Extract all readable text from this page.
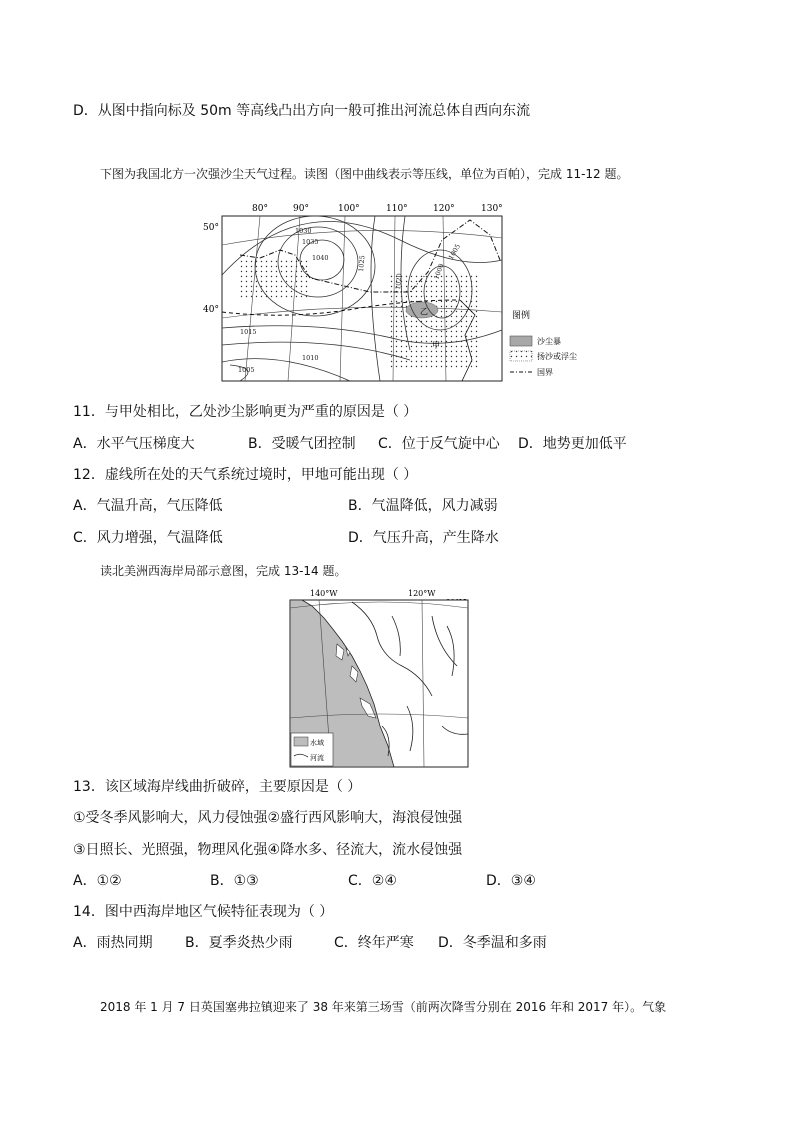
D．从图中指向标及 50m 等高线凸出方向一般可推出河流总体自西向东流
下图为我国北方一次强沙尘天气过程。读图（图中曲线表示等压线，单位为百帕），完成 11-12 题。
80°	90°	100°	110°	120°	130°
50°
40°
1030
1035
1040	1025
1020
1015
1010
1000
1005
1005
乙
甲
图例
沙尘暴
扬沙或浮尘
国界
11．与甲处相比，乙处沙尘影响更为严重的原因是（ ）
A．水平气压梯度大	B．受暖气团控制 C．位于反气旋中心 D．地势更加低平
12．虚线所在处的天气系统过境时，甲地可能出现（ ）
A．气温升高，气压降低	B．气温降低，风力减弱
C．风力增强，气温降低	D．气压升高，产生降水
读北美洲西海岸局部示意图，完成 13-14 题。
140°W	120°W
水域
河流
13．该区域海岸线曲折破碎，主要原因是（ ）
①受冬季风影响大，风力侵蚀强②盛行西风影响大，海浪侵蚀强
③日照长、光照强，物理风化强④降水多、径流大，流水侵蚀强
A．①②	B．①③	C．②④	D．③④
14．图中西海岸地区气候特征表现为（ ）
A．雨热同期 B．夏季炎热少雨	C．终年严寒 D．冬季温和多雨
2018 年 1 月 7 日英国塞弗拉镇迎来了 38 年来第三场雪（前两次降雪分别在 2016 年和 2017 年）。气象
